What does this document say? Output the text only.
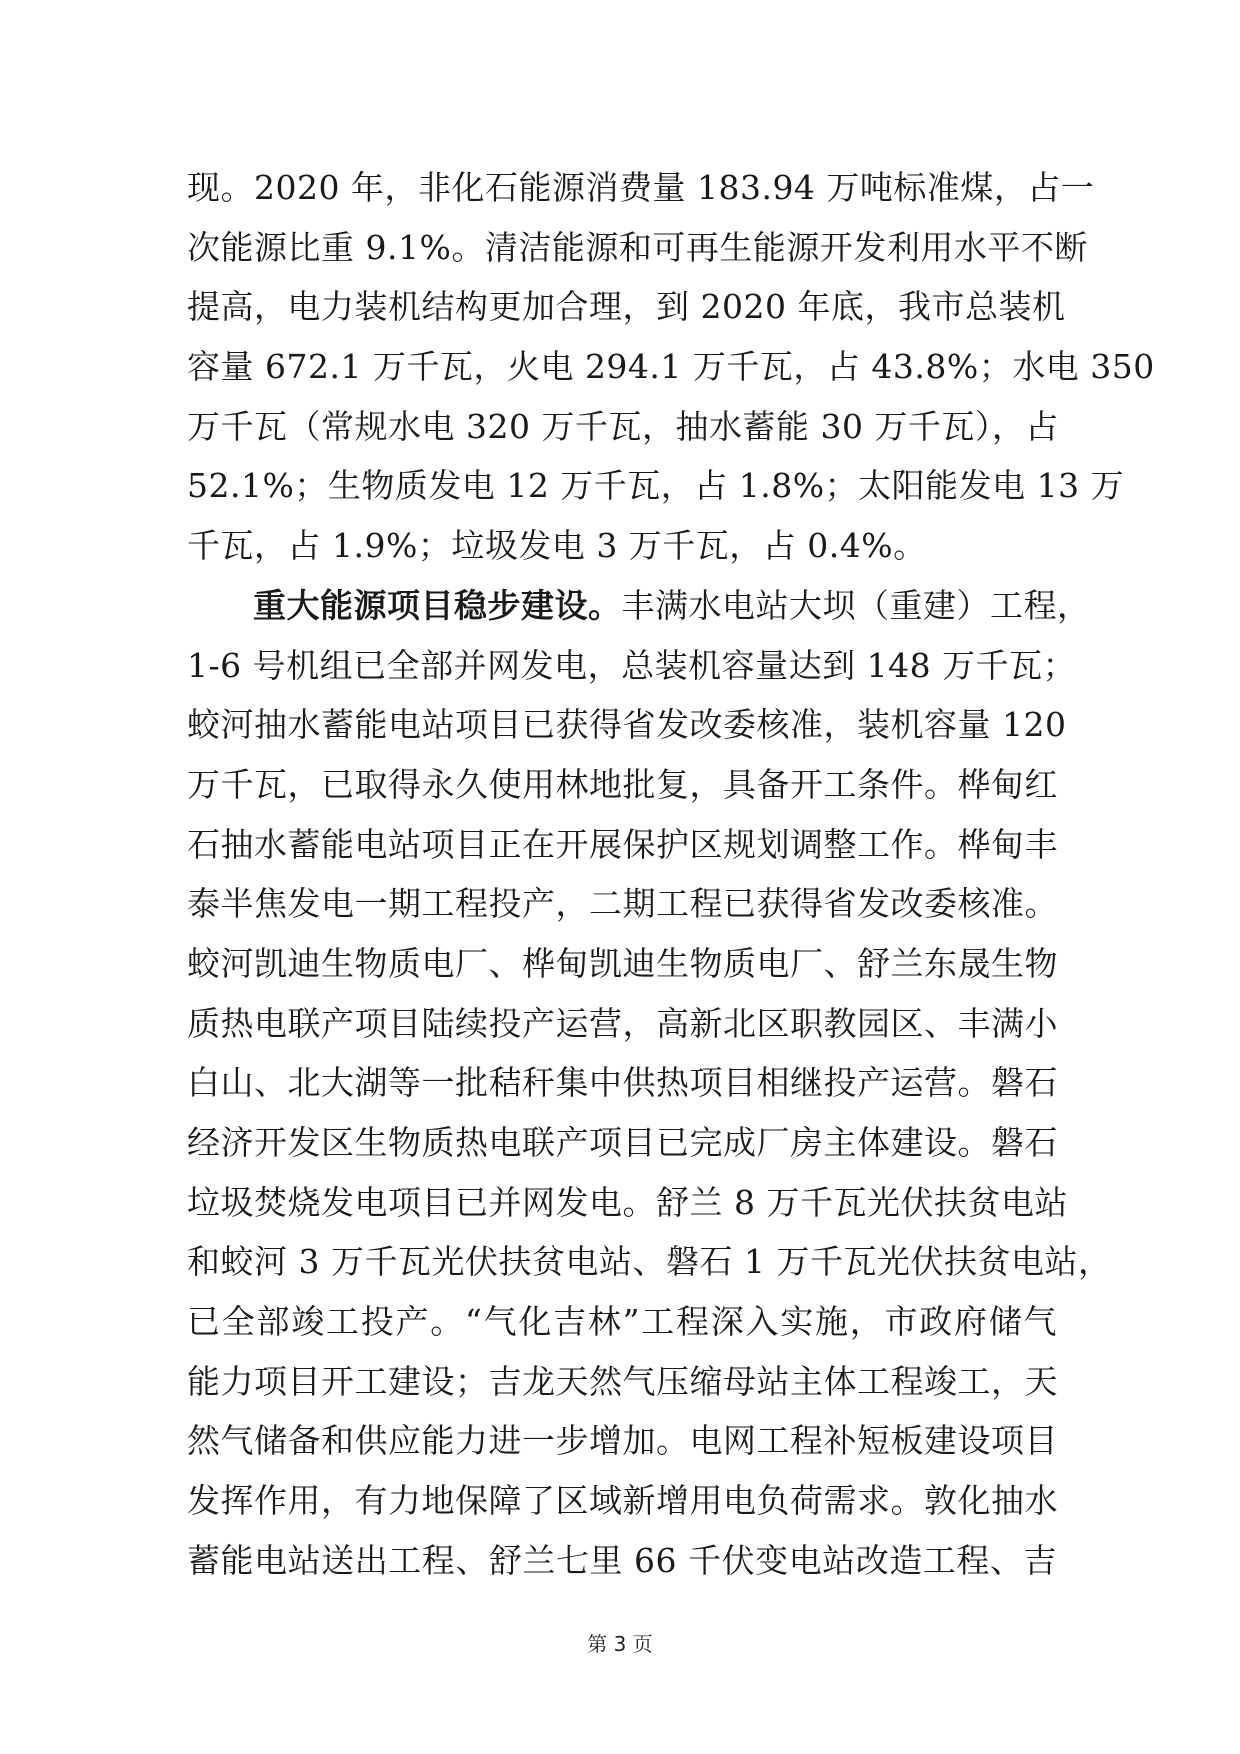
现。2020 年，非化石能源消费量 183.94 万吨标准煤，占一
次能源比重 9.1%。清洁能源和可再生能源开发利用水平不断
提高，电力装机结构更加合理，到 2020 年底，我市总装机
容量 672.1 万千瓦，火电 294.1 万千瓦，占 43.8%；水电 350
万千瓦（常规水电 320 万千瓦，抽水蓄能 30 万千瓦），占
52.1%；生物质发电 12 万千瓦，占 1.8%；太阳能发电 13 万
千瓦，占 1.9%；垃圾发电 3 万千瓦，占 0.4%。
重大能源项目稳步建设。丰满水电站大坝（重建）工程，
1-6 号机组已全部并网发电，总装机容量达到 148 万千瓦；
蛟河抽水蓄能电站项目已获得省发改委核准，装机容量 120
万千瓦，已取得永久使用林地批复，具备开工条件。桦甸红
石抽水蓄能电站项目正在开展保护区规划调整工作。桦甸丰
泰半焦发电一期工程投产，二期工程已获得省发改委核准。
蛟河凯迪生物质电厂、桦甸凯迪生物质电厂、舒兰东晟生物
质热电联产项目陆续投产运营，高新北区职教园区、丰满小
白山、北大湖等一批秸秆集中供热项目相继投产运营。磐石
经济开发区生物质热电联产项目已完成厂房主体建设。磐石
垃圾焚烧发电项目已并网发电。舒兰 8 万千瓦光伏扶贫电站
和蛟河 3 万千瓦光伏扶贫电站、磐石 1 万千瓦光伏扶贫电站，
已全部竣工投产。“气化吉林”工程深入实施，市政府储气
能力项目开工建设；吉龙天然气压缩母站主体工程竣工，天
然气储备和供应能力进一步增加。电网工程补短板建设项目
发挥作用，有力地保障了区域新增用电负荷需求。敦化抽水
蓄能电站送出工程、舒兰七里 66 千伏变电站改造工程、吉
第 3 页
